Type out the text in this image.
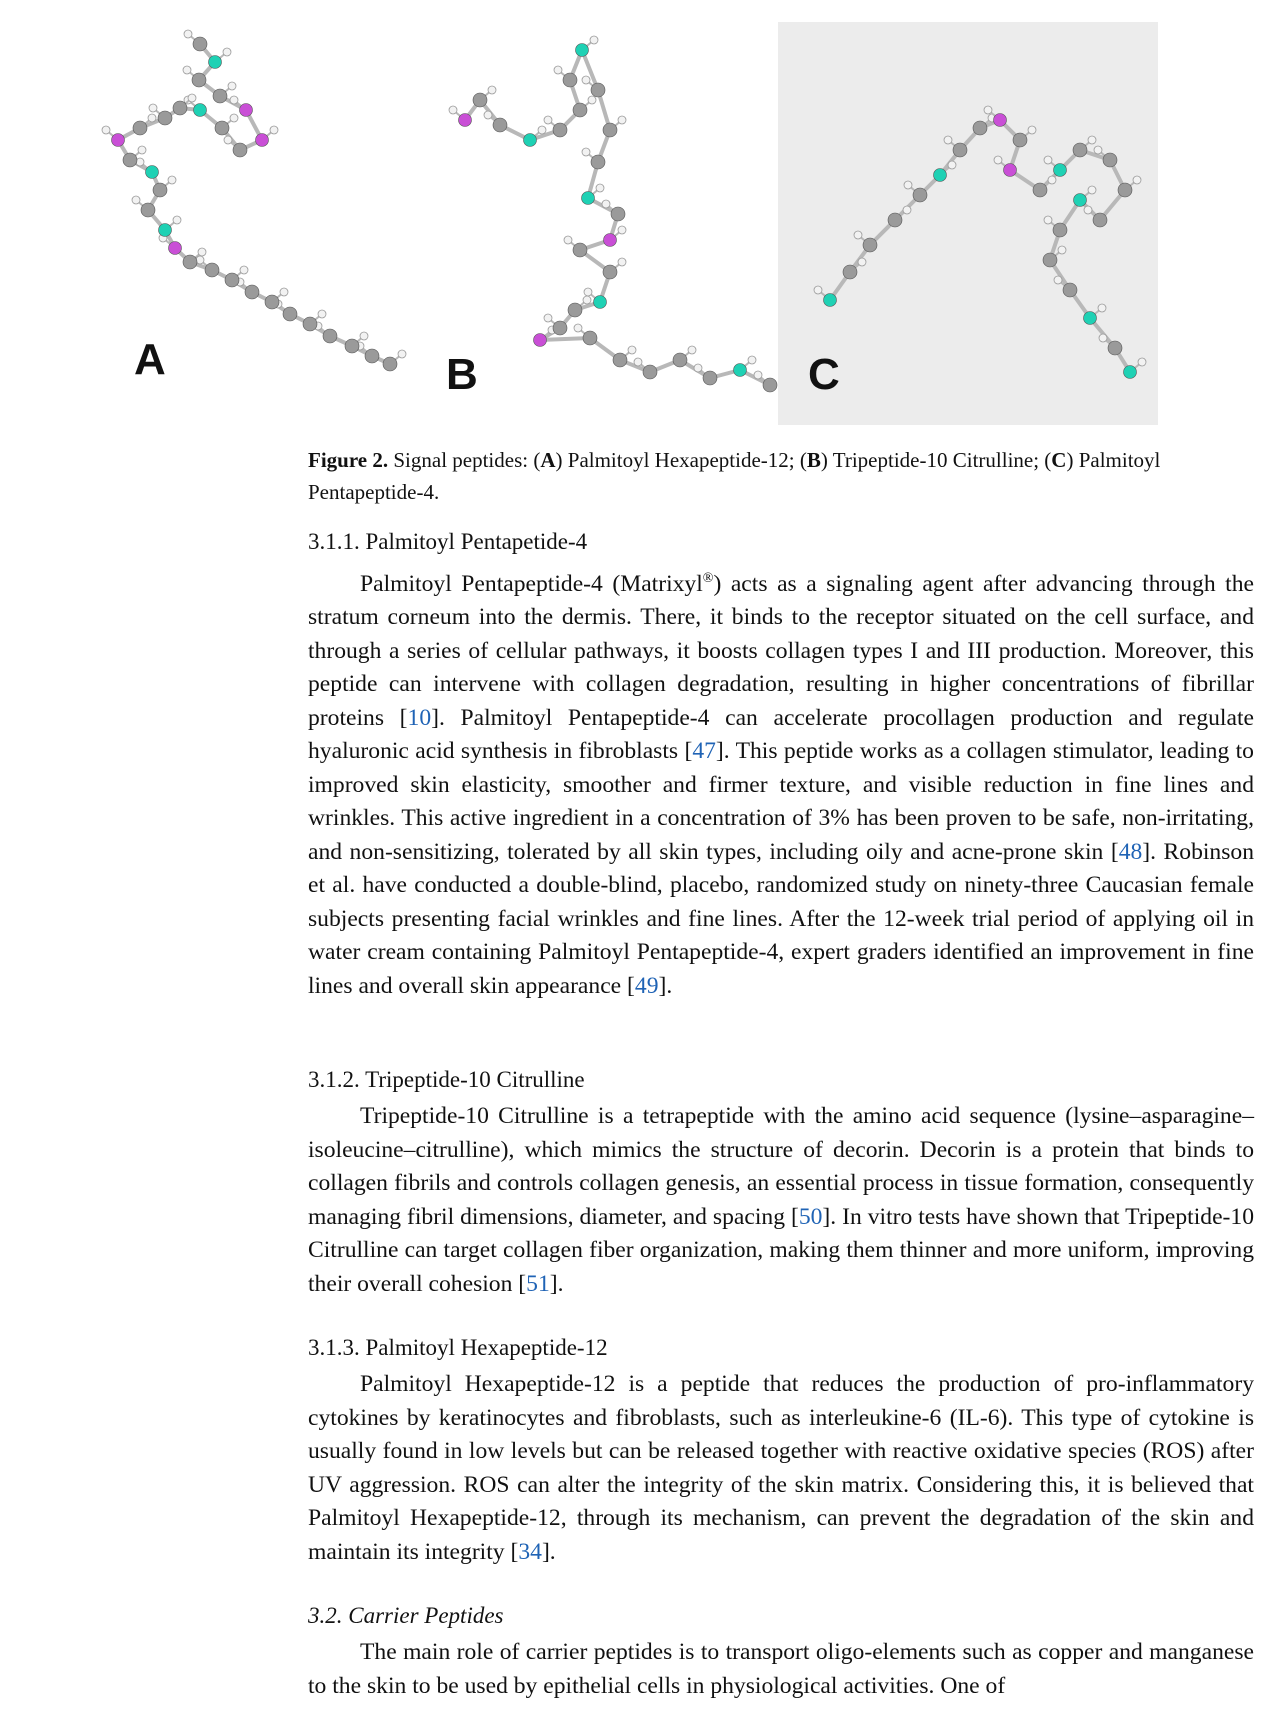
A	B	C
Figure 2. Signal peptides: (A) Palmitoyl Hexapeptide-12; (B) Tripeptide-10 Citrulline; (C) Palmitoyl Pentapeptide-4.
3.1.1. Palmitoyl Pentapetide-4

Palmitoyl Pentapeptide-4 (Matrixyl®) acts as a signaling agent after advancing through the stratum corneum into the dermis. There, it binds to the receptor situated on the cell surface, and through a series of cellular pathways, it boosts collagen types I and III production. Moreover, this peptide can intervene with collagen degradation, resulting in higher concentrations of fibrillar proteins [10]. Palmitoyl Pentapeptide-4 can accelerate procollagen production and regulate hyaluronic acid synthesis in fibroblasts [47]. This peptide works as a collagen stimulator, leading to improved skin elasticity, smoother and firmer texture, and visible reduction in fine lines and wrinkles. This active ingredient in a concentration of 3% has been proven to be safe, non-irritating, and non-sensitizing, tolerated by all skin types, including oily and acne-prone skin [48]. Robinson et al. have conducted a double-blind, placebo, randomized study on ninety-three Caucasian female subjects presenting facial wrinkles and fine lines. After the 12-week trial period of applying oil in water cream containing Palmitoyl Pentapeptide-4, expert graders identified an improvement in fine lines and overall skin appearance [49].

3.1.2. Tripeptide-10 Citrulline

Tripeptide-10 Citrulline is a tetrapeptide with the amino acid sequence (lysine–asparagine–isoleucine–citrulline), which mimics the structure of decorin. Decorin is a protein that binds to collagen fibrils and controls collagen genesis, an essential process in tissue formation, consequently managing fibril dimensions, diameter, and spacing [50]. In vitro tests have shown that Tripeptide-10 Citrulline can target collagen fiber organization, making them thinner and more uniform, improving their overall cohesion [51].

3.1.3. Palmitoyl Hexapeptide-12

Palmitoyl Hexapeptide-12 is a peptide that reduces the production of pro-inflammatory cytokines by keratinocytes and fibroblasts, such as interleukine-6 (IL-6). This type of cytokine is usually found in low levels but can be released together with reactive oxidative species (ROS) after UV aggression. ROS can alter the integrity of the skin matrix. Considering this, it is believed that Palmitoyl Hexapeptide-12, through its mechanism, can prevent the degradation of the skin and maintain its integrity [34].

3.2. Carrier Peptides

The main role of carrier peptides is to transport oligo-elements such as copper and manganese to the skin to be used by epithelial cells in physiological activities. One of
